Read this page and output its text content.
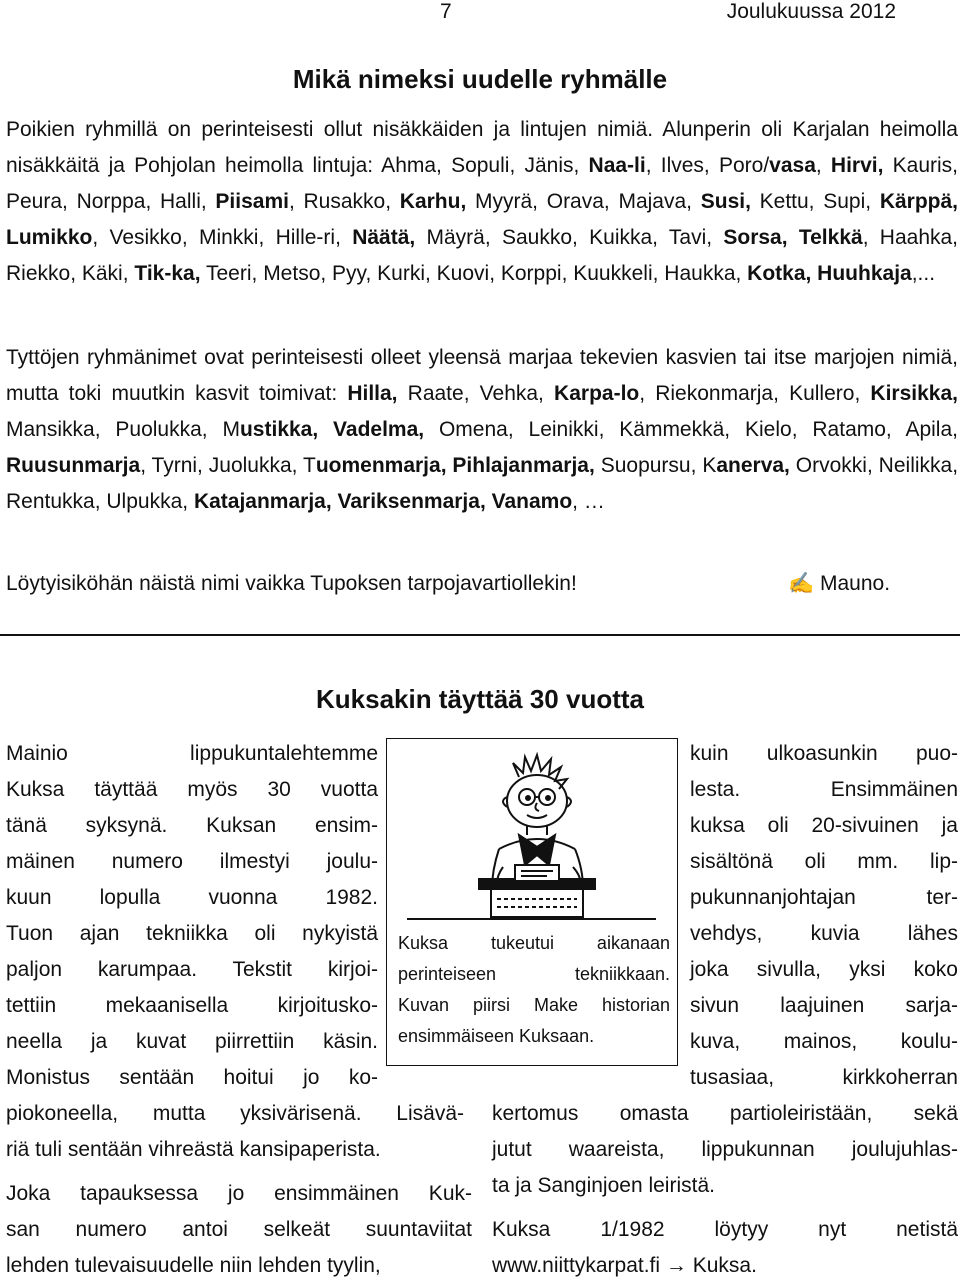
7	Joulukuussa 2012
Mikä nimeksi uudelle ryhmälle

Poikien ryhmillä on perinteisesti ollut nisäkkäiden ja lintujen nimiä. Alunperin oli Karjalan heimolla nisäkkäitä ja Pohjolan heimolla lintuja: Ahma, Sopuli, Jänis, Naa-li, Ilves, Poro/vasa, Hirvi, Kauris, Peura, Norppa, Halli, Piisami, Rusakko, Karhu, Myyrä, Orava, Majava, Susi, Kettu, Supi, Kärppä, Lumikko, Vesikko, Minkki, Hille-ri, Näätä, Mäyrä, Saukko, Kuikka, Tavi, Sorsa, Telkkä, Haahka, Riekko, Käki, Tik-ka, Teeri, Metso, Pyy, Kurki, Kuovi, Korppi, Kuukkeli, Haukka, Kotka, Huuhkaja,...

Tyttöjen ryhmänimet ovat perinteisesti olleet yleensä marjaa tekevien kasvien tai itse marjojen nimiä, mutta toki muutkin kasvit toimivat: Hilla, Raate, Vehka, Karpa-lo, Riekonmarja, Kullero, Kirsikka, Mansikka, Puolukka, Mustikka, Vadelma, Omena, Leinikki, Kämmekkä, Kielo, Ratamo, Apila, Ruusunmarja, Tyrni, Juolukka, Tuomenmarja, Pihlajanmarja, Suopursu, Kanerva, Orvokki, Neilikka, Rentukka, Ulpukka, Katajanmarja, Variksenmarja, Vanamo, …

Löytyisiköhän näistä nimi vaikka Tupoksen tarpojavartiollekin!	✍ Mauno.
Kuksakin täyttää 30 vuotta
Mainio lippukuntalehtemme
Kuksa täyttää myös 30 vuotta
tänä syksynä. Kuksan ensim-
mäinen numero ilmestyi joulu-
kuun lopulla vuonna 1982.
Tuon ajan tekniikka oli nykyistä
paljon karumpaa. Tekstit kirjoi-
tettiin mekaanisella kirjoitusko-
neella ja kuvat piirrettiin käsin.
Monistus sentään hoitui jo ko-
piokoneella, mutta yksivärisenä. Lisävä-
riä tuli sentään vihreästä kansipaperista.
Joka tapauksessa jo ensimmäinen Kuk-
san numero antoi selkeät suuntaviitat
lehden tulevaisuudelle niin lehden tyylin,
Kuksa tukeutui aikanaan
perinteiseen tekniikkaan.
Kuvan piirsi Make historian
ensimmäiseen Kuksaan.
kuin ulkoasunkin puo-
lesta. Ensimmäinen
kuksa oli 20-sivuinen ja
sisältönä oli mm. lip-
pukunnanjohtajan ter-
vehdys, kuvia lähes
joka sivulla, yksi koko
sivun laajuinen sarja-
kuva, mainos, koulu-
tusasiaa, kirkkoherran
kertomus omasta partioleiristään, sekä
jutut waareista, lippukunnan joulujuhlas-
ta ja Sanginjoen leiristä.
Kuksa 1/1982 löytyy nyt netistä
www.niittykarpat.fi → Kuksa.
